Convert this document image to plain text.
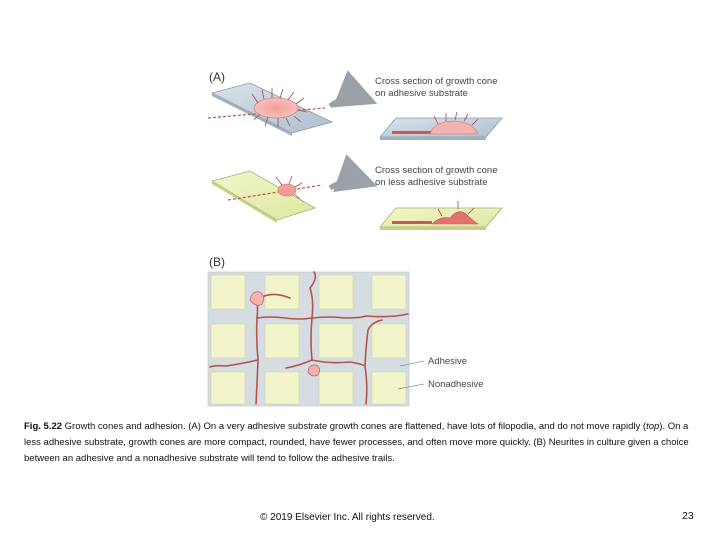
(A)
(B)
Cross section of growth cone
on adhesive substrate
Cross section of growth cone
on less adhesive substrate
Adhesive
Nonadhesive
Fig. 5.22 Growth cones and adhesion. (A) On a very adhesive substrate growth cones are flattened, have lots of filopodia, and do not move rapidly (top). On a less adhesive substrate, growth cones are more compact, rounded, have fewer processes, and often move more quickly. (B) Neurites in culture given a choice between an adhesive and a nonadhesive substrate will tend to follow the adhesive trails.
© 2019 Elsevier Inc. All rights reserved.	23
